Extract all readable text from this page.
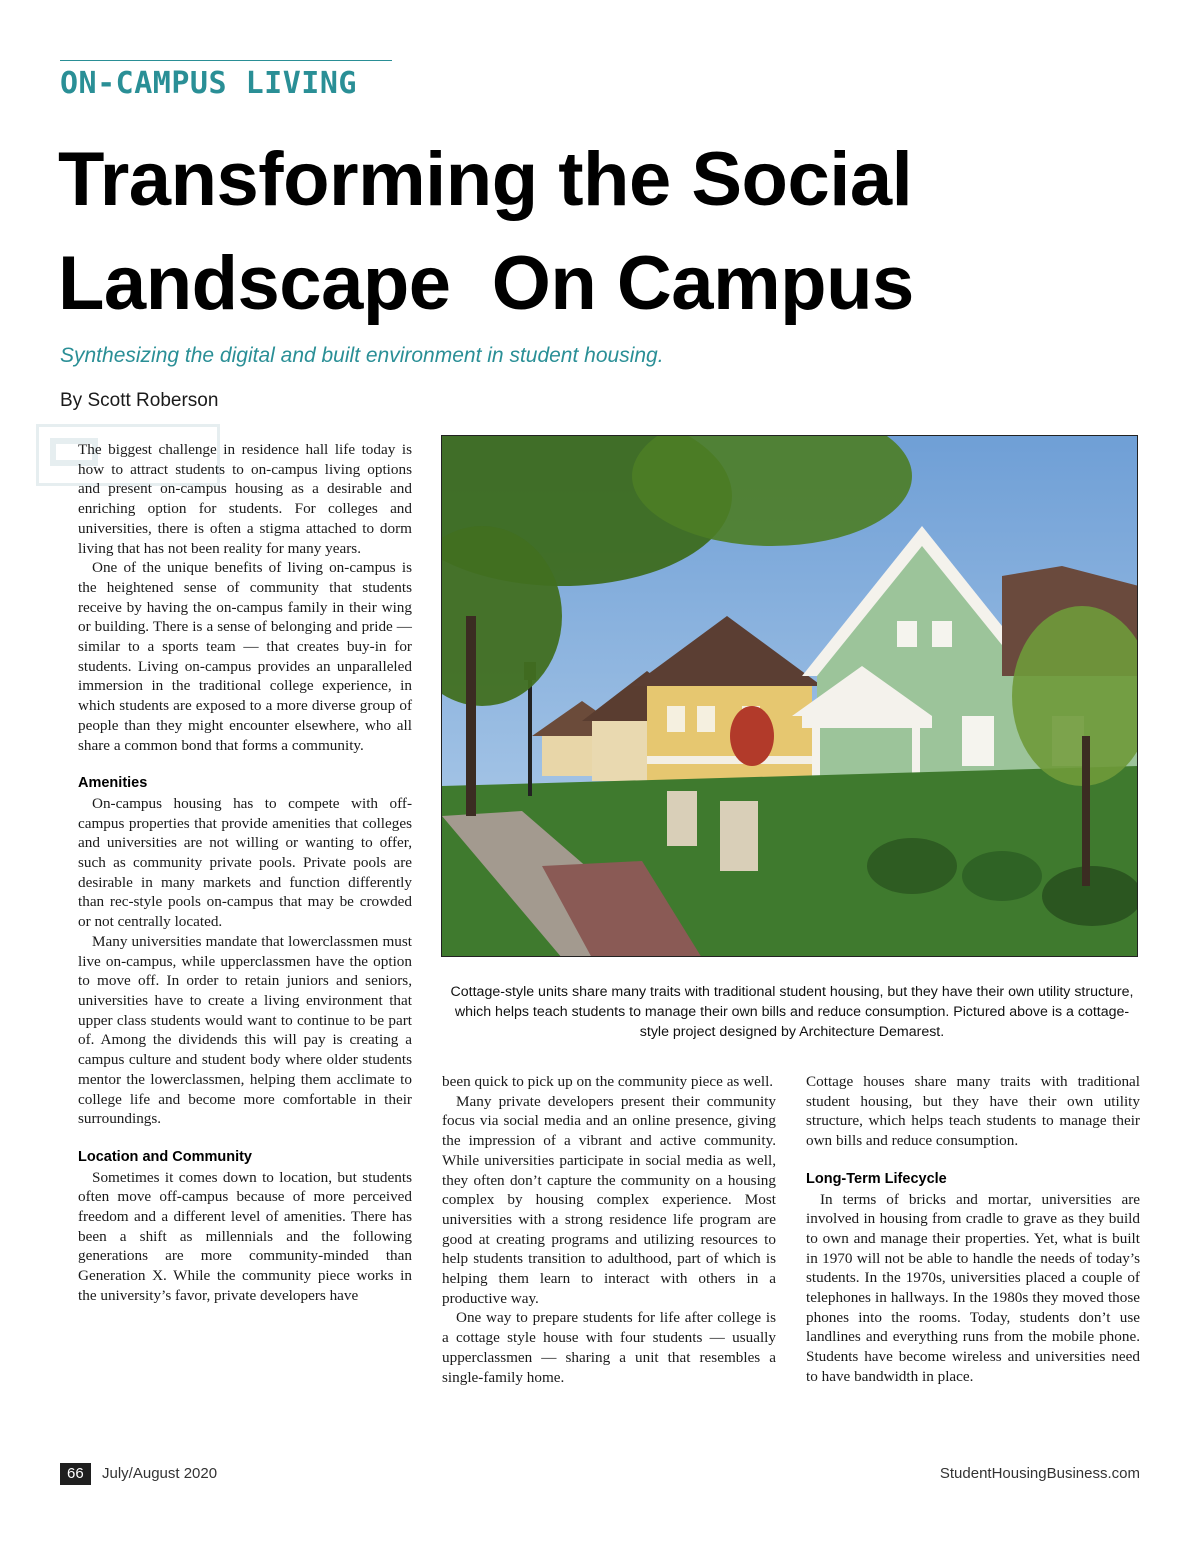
ON-CAMPUS LIVING
Transforming the Social
Landscape  On Campus
Synthesizing the digital and built environment in student housing.
By Scott Roberson

The biggest challenge in residence hall life today is how to attract students to on-campus living options and present on-campus housing as a desirable and enriching option for students. For colleges and universities, there is often a stigma attached to dorm living that has not been reality for many years.

One of the unique benefits of living on-campus is the heightened sense of community that students receive by having the on-campus family in their wing or building. There is a sense of belonging and pride — similar to a sports team — that creates buy-in for students. Living on-campus provides an unparalleled immersion in the traditional college experience, in which students are exposed to a more diverse group of people than they might encounter elsewhere, who all share a common bond that forms a community.

Amenities

On-campus housing has to compete with off-campus properties that provide amenities that colleges and universities are not willing or wanting to offer, such as community private pools. Private pools are desirable in many markets and function differently than rec-style pools on-campus that may be crowded or not centrally located.

Many universities mandate that lowerclassmen must live on-campus, while upperclassmen have the option to move off. In order to retain juniors and seniors, universities have to create a living environment that upper class students would want to continue to be part of. Among the dividends this will pay is creating a campus culture and student body where older students mentor the lowerclassmen, helping them acclimate to college life and become more comfortable in their surroundings.

Location and Community

Sometimes it comes down to location, but students often move off-campus because of more perceived freedom and a different level of amenities. There has been a shift as millennials and the following generations are more community-minded than Generation X. While the community piece works in the university’s favor, private developers have

Cottage-style units share many traits with traditional student housing, but they have their own utility structure, which helps teach students to manage their own bills and reduce consumption. Pictured above is a cottage-style project designed by Architecture Demarest.

been quick to pick up on the community piece as well.

Many private developers present their community focus via social media and an online presence, giving the impression of a vibrant and active community. While universities participate in social media as well, they often don’t capture the community on a housing complex by housing complex experience. Most universities with a strong residence life program are good at creating programs and utilizing resources to help students transition to adulthood, part of which is helping them learn to interact with others in a productive way.

One way to prepare students for life after college is a cottage style house with four students — usually upperclassmen — sharing a unit that resembles a single-family home.

Cottage houses share many traits with traditional student housing, but they have their own utility structure, which helps teach students to manage their own bills and reduce consumption.

Long-Term Lifecycle

In terms of bricks and mortar, universities are involved in housing from cradle to grave as they build to own and manage their properties. Yet, what is built in 1970 will not be able to handle the needs of today’s students. In the 1970s, universities placed a couple of telephones in hallways. In the 1980s they moved those phones into the rooms. Today, students don’t use landlines and everything runs from the mobile phone. Students have become wireless and universities need to have bandwidth in place.

66	July/August 2020	StudentHousingBusiness.com
